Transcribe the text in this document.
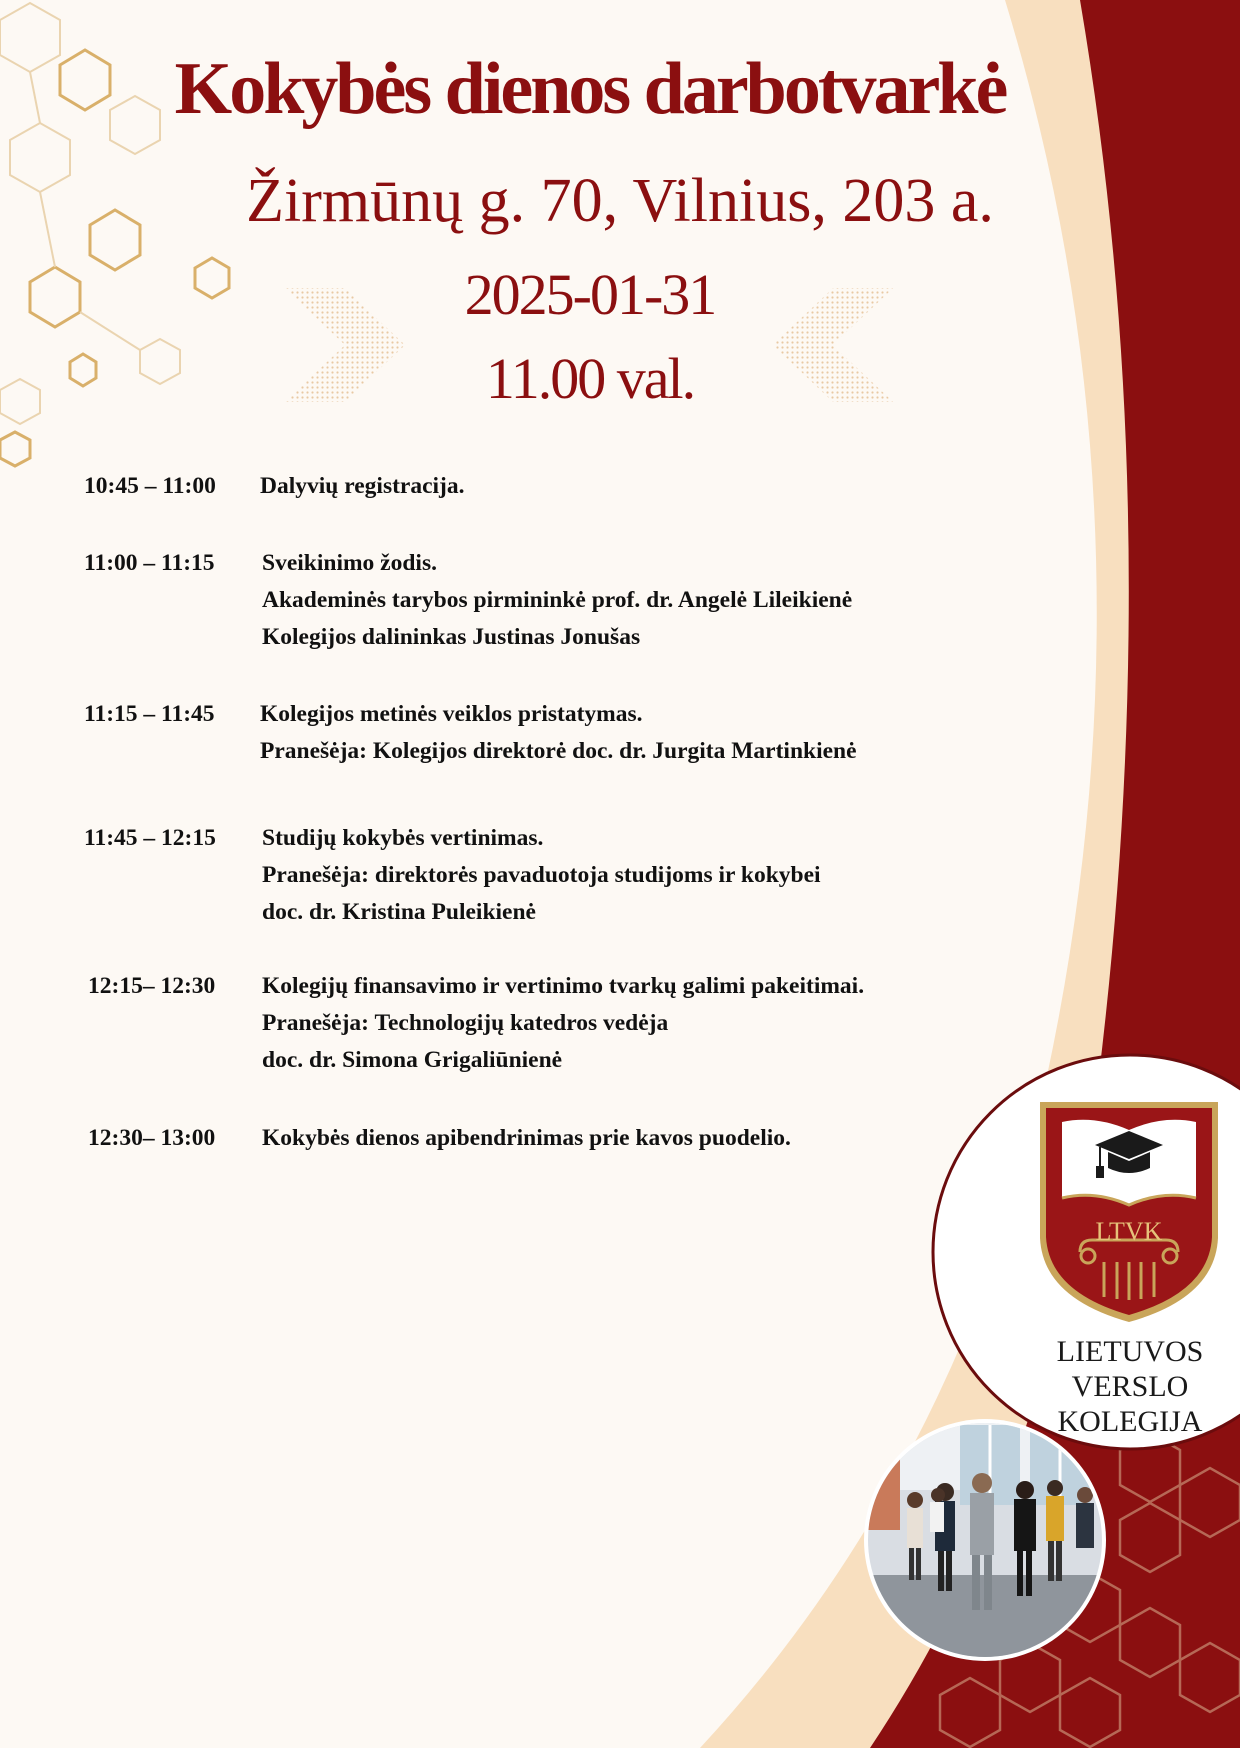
LTVK
Kokybės dienos darbotvarkė
Žirmūnų g. 70, Vilnius, 203 a.
2025-01-31
11.00 val.
10:45 – 11:00 Dalyvių registracija.
11:00 – 11:15 Sveikinimo žodis.
Akademinės tarybos pirmininkė prof. dr. Angelė Lileikienė
Kolegijos dalininkas Justinas Jonušas
11:15 – 11:45 Kolegijos metinės veiklos pristatymas.
Pranešėja: Kolegijos direktorė doc. dr. Jurgita Martinkienė
11:45 – 12:15 Studijų kokybės vertinimas.
Pranešėja: direktorės pavaduotoja studijoms ir kokybei
doc. dr. Kristina Puleikienė
12:15– 12:30 Kolegijų finansavimo ir vertinimo tvarkų galimi pakeitimai.
Pranešėja: Technologijų katedros vedėja
doc. dr. Simona Grigaliūnienė
12:30– 13:00 Kokybės dienos apibendrinimas prie kavos puodelio.
LIETUVOS
VERSLO
KOLEGIJA
